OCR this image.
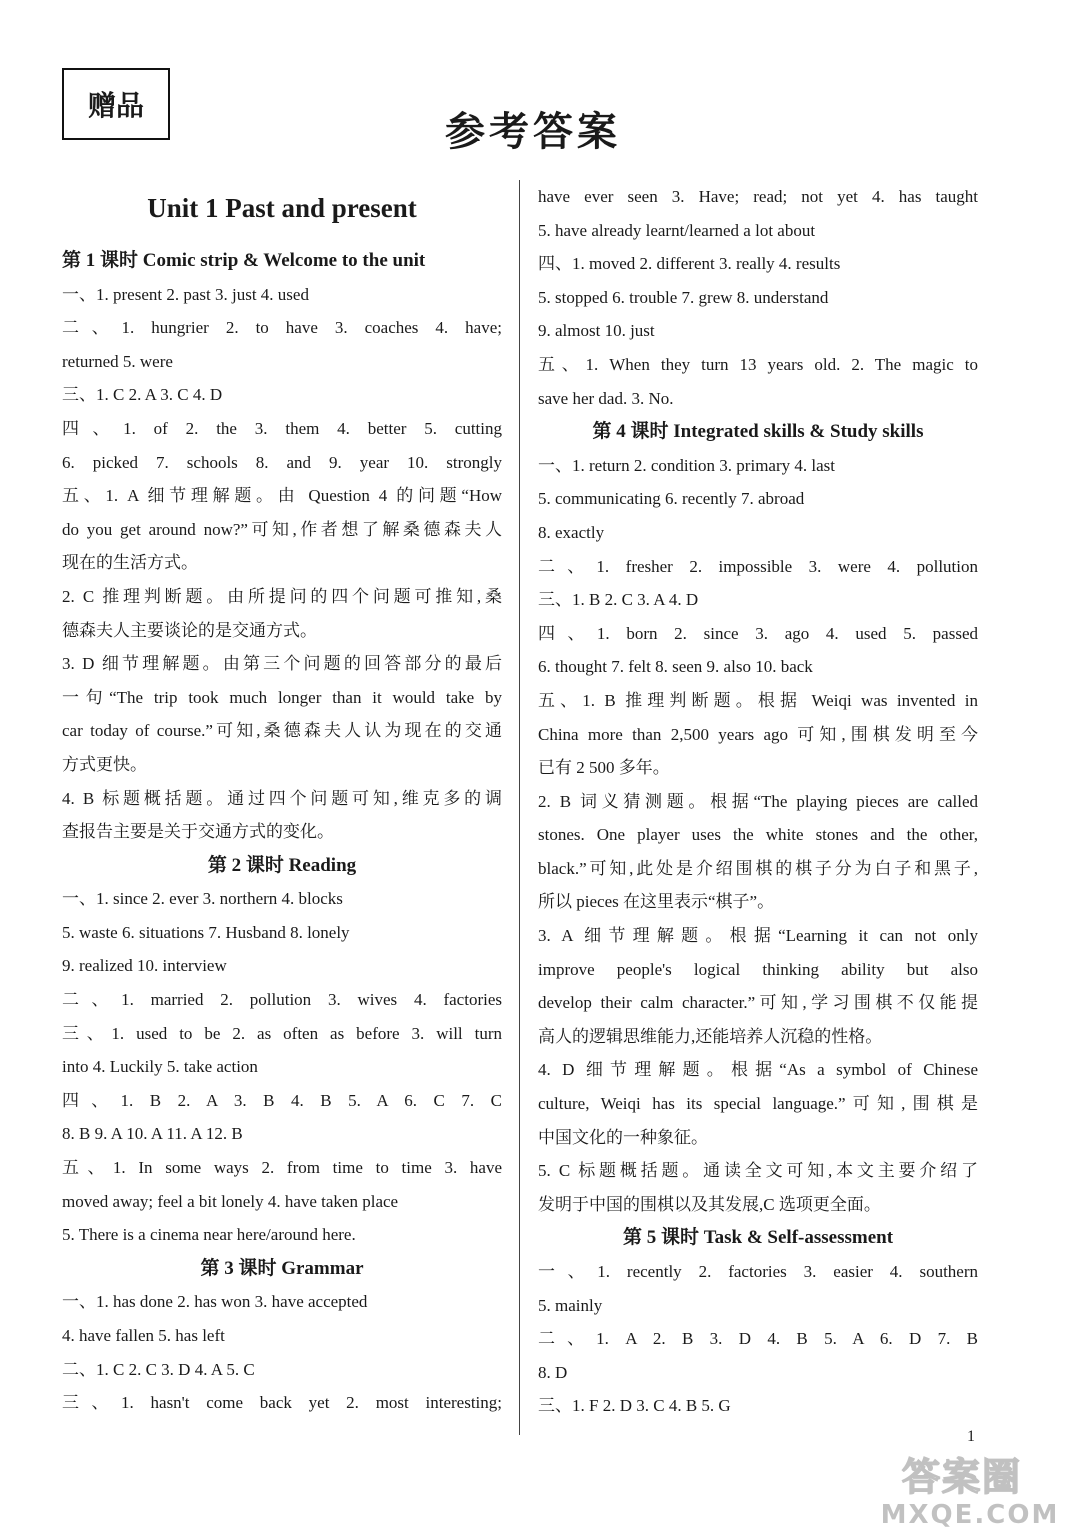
赠品
参考答案
Unit 1 Past and present
第 1 课时 Comic strip & Welcome to the unit
一、1. present 2. past 3. just 4. used
二、1. hungrier 2. to have 3. coaches 4. have;
returned 5. were
三、1. C 2. A 3. C 4. D
四、1. of 2. the 3. them 4. better 5. cutting
6. picked 7. schools 8. and 9. year 10. strongly
五、1. A 细节理解题。由 Question 4 的问题“How
do you get around now?”可知,作者想了解桑德森夫人
现在的生活方式。
2. C 推理判断题。由所提问的四个问题可推知,桑
德森夫人主要谈论的是交通方式。
3. D 细节理解题。由第三个问题的回答部分的最后
一句“The trip took much longer than it would take by
car today of course.”可知,桑德森夫人认为现在的交通
方式更快。
4. B 标题概括题。通过四个问题可知,维克多的调
查报告主要是关于交通方式的变化。
第 2 课时 Reading
一、1. since 2. ever 3. northern 4. blocks
5. waste 6. situations 7. Husband 8. lonely
9. realized 10. interview
二、1. married 2. pollution 3. wives 4. factories
三、1. used to be 2. as often as before 3. will turn
into 4. Luckily 5. take action
四、1. B 2. A 3. B 4. B 5. A 6. C 7. C
8. B 9. A 10. A 11. A 12. B
五、1. In some ways 2. from time to time 3. have
moved away; feel a bit lonely 4. have taken place
5. There is a cinema near here/around here.
第 3 课时 Grammar
一、1. has done 2. has won 3. have accepted
4. have fallen 5. has left
二、1. C 2. C 3. D 4. A 5. C
三、1. hasn't come back yet 2. most interesting;
have ever seen 3. Have; read; not yet 4. has taught
5. have already learnt/learned a lot about
四、1. moved 2. different 3. really 4. results
5. stopped 6. trouble 7. grew 8. understand
9. almost 10. just
五、1. When they turn 13 years old. 2. The magic to
save her dad. 3. No.
第 4 课时 Integrated skills & Study skills
一、1. return 2. condition 3. primary 4. last
5. communicating 6. recently 7. abroad
8. exactly
二、1. fresher 2. impossible 3. were 4. pollution
三、1. B 2. C 3. A 4. D
四、1. born 2. since 3. ago 4. used 5. passed
6. thought 7. felt 8. seen 9. also 10. back
五、1. B 推理判断题。根据 Weiqi was invented in
China more than 2,500 years ago 可知,围棋发明至今
已有 2 500 多年。
2. B 词义猜测题。根据“The playing pieces are called
stones. One player uses the white stones and the other,
black.”可知,此处是介绍围棋的棋子分为白子和黑子,
所以 pieces 在这里表示“棋子”。
3. A 细节理解题。根据“Learning it can not only
improve people's logical thinking ability but also
develop their calm character.”可知,学习围棋不仅能提
高人的逻辑思维能力,还能培养人沉稳的性格。
4. D 细节理解题。根据“As a symbol of Chinese
culture, Weiqi has its special language.”可知,围棋是
中国文化的一种象征。
5. C 标题概括题。通读全文可知,本文主要介绍了
发明于中国的围棋以及其发展,C 选项更全面。
第 5 课时 Task & Self-assessment
一、1. recently 2. factories 3. easier 4. southern
5. mainly
二、1. A 2. B 3. D 4. B 5. A 6. D 7. B
8. D
三、1. F 2. D 3. C 4. B 5. G
1
答案圈
MXQE.COM
